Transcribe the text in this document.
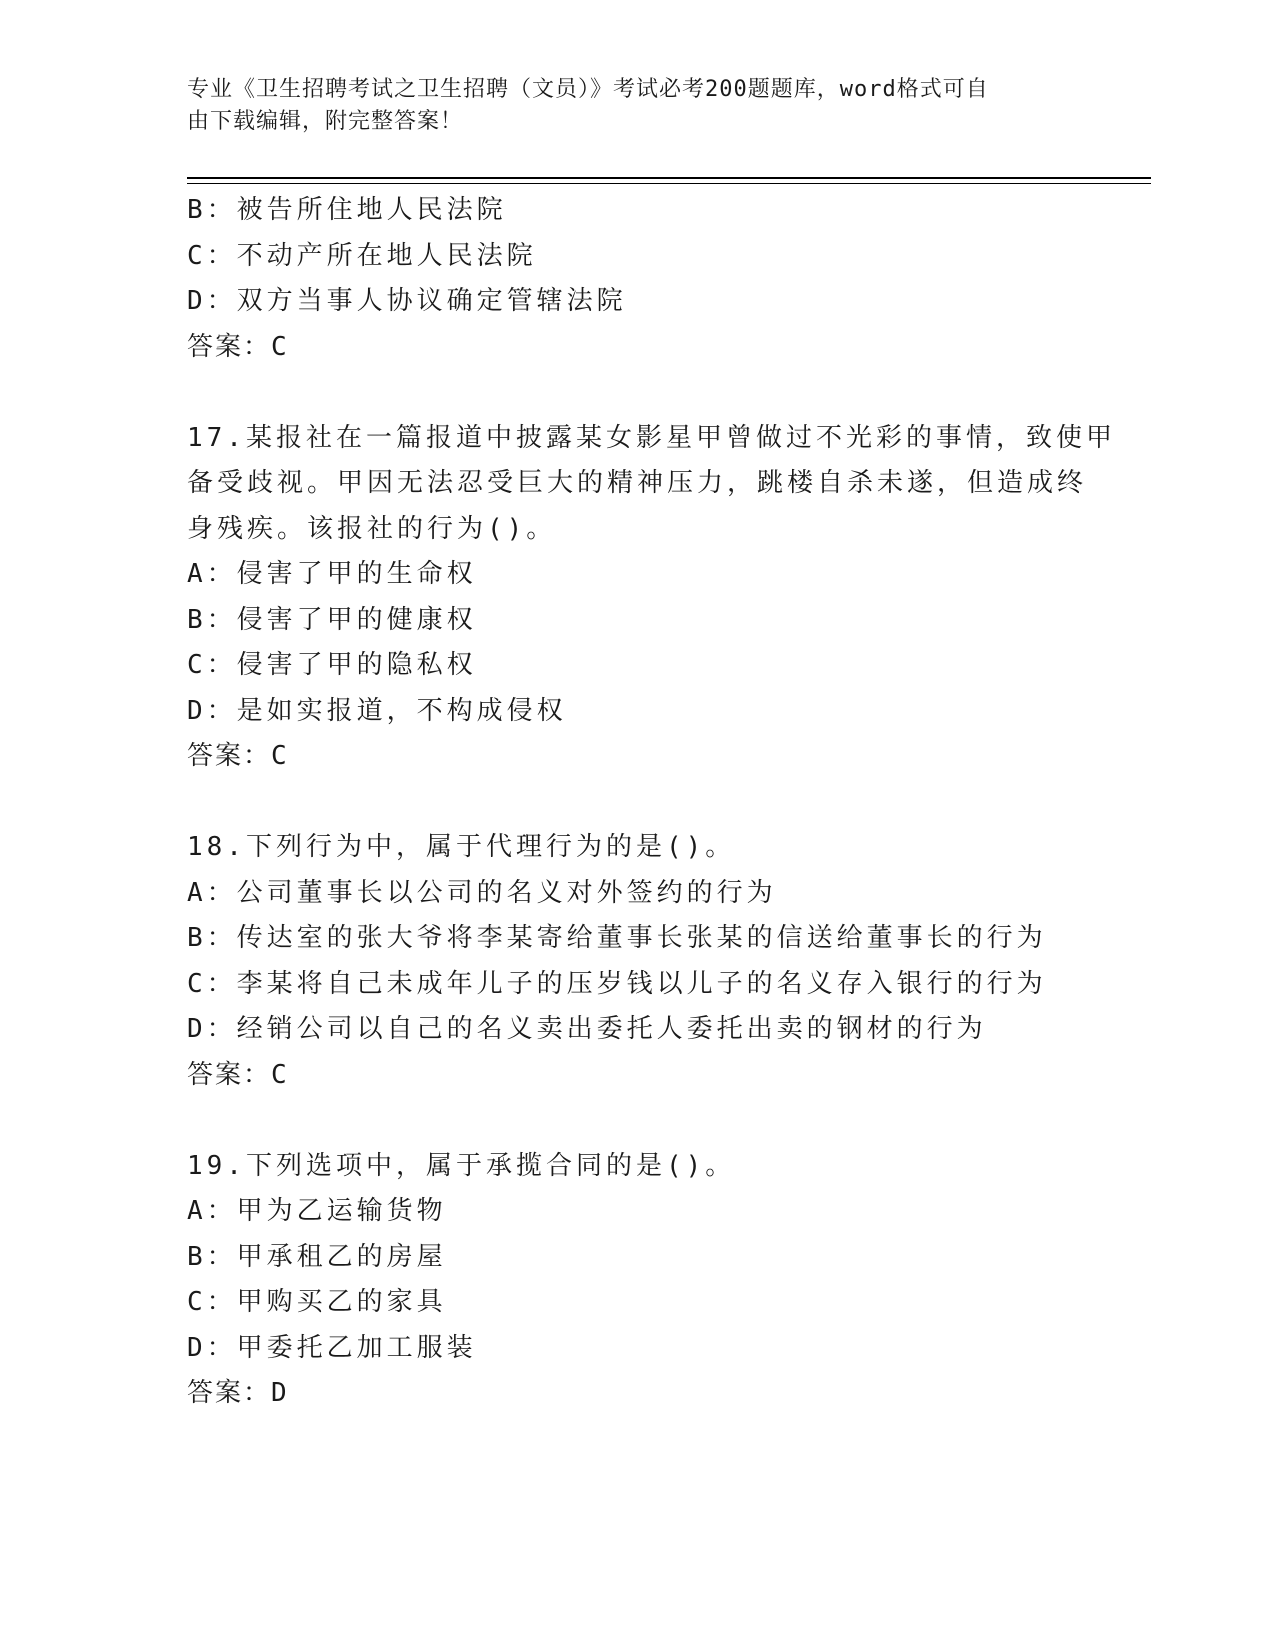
专业《卫生招聘考试之卫生招聘（文员）》考试必考200题题库，word格式可自
由下载编辑，附完整答案！
B：被告所住地人民法院
C：不动产所在地人民法院
D：双方当事人协议确定管辖法院
答案：C
17.某报社在一篇报道中披露某女影星甲曾做过不光彩的事情，致使甲
备受歧视。甲因无法忍受巨大的精神压力，跳楼自杀未遂，但造成终
身残疾。该报社的行为()。
A：侵害了甲的生命权
B：侵害了甲的健康权
C：侵害了甲的隐私权
D：是如实报道，不构成侵权
答案：C
18.下列行为中，属于代理行为的是()。
A：公司董事长以公司的名义对外签约的行为
B：传达室的张大爷将李某寄给董事长张某的信送给董事长的行为
C：李某将自己未成年儿子的压岁钱以儿子的名义存入银行的行为
D：经销公司以自己的名义卖出委托人委托出卖的钢材的行为
答案：C
19.下列选项中，属于承揽合同的是()。
A：甲为乙运输货物
B：甲承租乙的房屋
C：甲购买乙的家具
D：甲委托乙加工服装
答案：D
